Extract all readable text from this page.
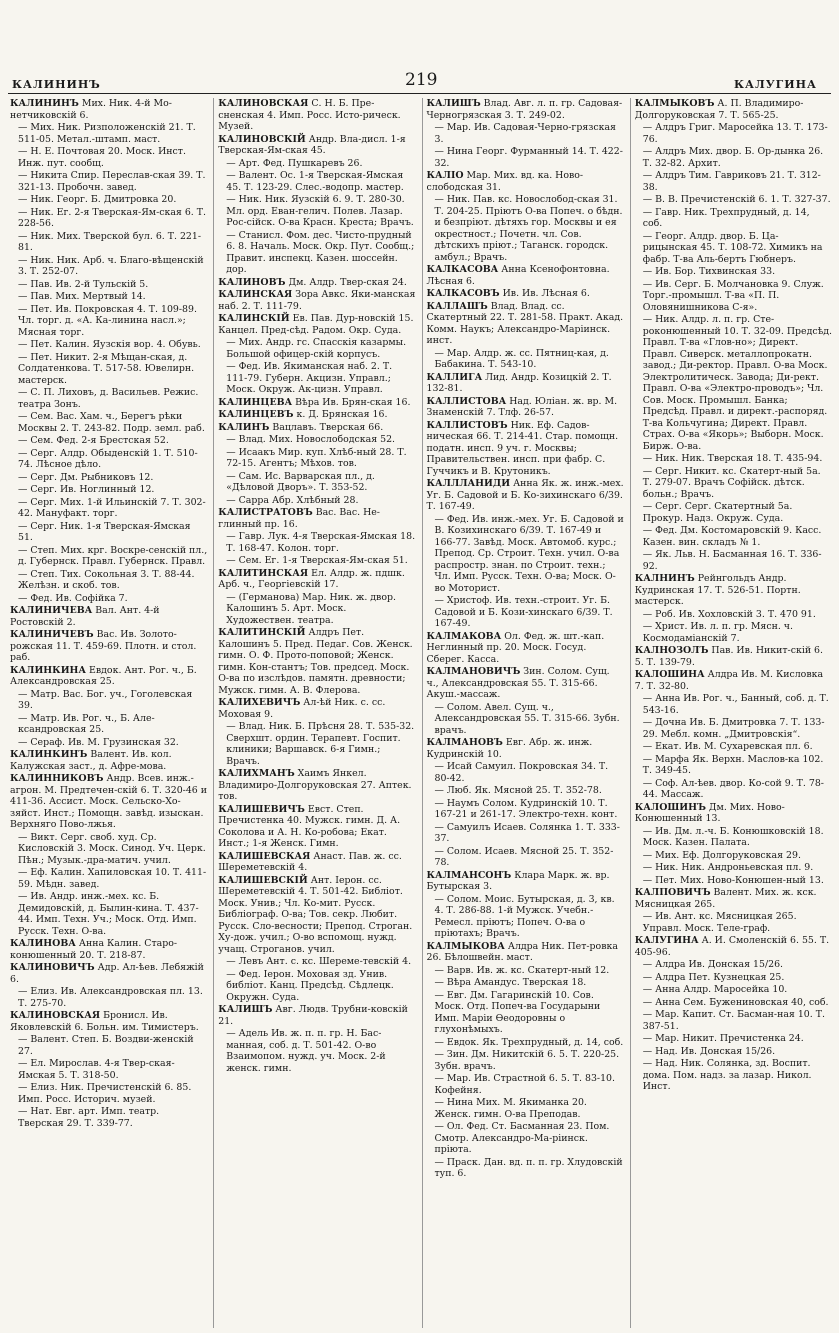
КАЛИНИНЪ	219	КАЛУГИНА
КАЛИНИНЪ Мих. Ник. 4-й Мо-нетчиковскій 6.
— Мих. Ник. Ризположенскій 21. Т. 511-05. Метал.-штамп. маст.
— Н. Е. Почтовая 20. Моск. Инст. Инж. пут. сообщ.
— Никита Спир. Переслав-ская 39. Т. 321-13. Пробочн. завед.
— Ник. Георг. Б. Дмитровка 20.
— Ник. Ег. 2-я Тверская-Ям-ская 6. Т. 228-56.
— Ник. Мих. Тверской бул. 6. Т. 221-81.
— Ник. Ник. Арб. ч. Благо-вѣщенскій 3. Т. 252-07.
— Пав. Ив. 2-й Тульскій 5.
— Пав. Мих. Мертвый 14.
— Пет. Ив. Покровская 4. Т. 109-89. Чл. торг. д. «А. Ка-линина насл.»; Мясная торг.
— Пет. Калин. Яузскія вор. 4. Обувь.
— Пет. Никит. 2-я Мѣщан-ская, д. Солдатенкова. Т. 517-58. Ювелирн. мастерск.
— С. П. Лиховъ, д. Васильев. Режис. театра Зонъ.
— Сем. Вас. Хам. ч., Берегъ рѣки Москвы 2. Т. 243-82. Подр. земл. раб.
— Сем. Фед. 2-я Брестская 52.
— Серг. Алдр. Обыденскій 1. Т. 510-74. Лѣсное дѣло.
— Серг. Дм. Рыбниковъ 12.
— Серг. Ив. Ноглинный 12.
— Серг. Мих. 1-й Ильинскій 7. Т. 302-42. Мануфакт. торг.
— Серг. Ник. 1-я Тверская-Ямская 51.
— Степ. Мих. крг. Воскре-сенскій пл., д. Губернск. Правл. Губернск. Правл.
— Степ. Тих. Сокольная 3. Т. 88-44. Желѣзн. и скоб. тов.
— Фед. Ив. Софійка 7.
КАЛИНИЧЕВА Вал. Ант. 4-й Ростовскій 2.
КАЛИНИЧЕВЪ Вас. Ив. Золото-рожская 11. Т. 459-69. Плотн. и стол. раб.
КАЛИНКИНА Евдок. Ант. Рог. ч., Б. Александровская 25.
— Матр. Вас. Бог. уч., Гоголевская 39.
— Матр. Ив. Рог. ч., Б. Але-ксандровская 25.
— Сераф. Ив. М. Грузинская 32.
КАЛИНКИНЪ Валент. Ив. кол. Калужская заст., д. Афре-мова.
КАЛИННИКОВЪ Андр. Всев. инж.-агрон. М. Предтечен-скій 6. Т. 320-46 и 411-36. Ассист. Моск. Сельско-Хо-зяйст. Инст.; Помощн. завѣд. изыскан. Верхняго Пово-лжья.
— Викт. Серг. своб. худ. Ср. Кисловскій 3. Моск. Синод. Уч. Церк. Пѣн.; Музык.-дра-матич. учил.
— Еф. Калин. Хапиловская 10. Т. 411-59. Мѣдн. завед.
— Ив. Андр. инж.-мех. кс. Б. Демидовскій, д. Былин-кина. Т. 437-44. Имп. Техн. Уч.; Моск. Отд. Имп. Русск. Техн. О-ва.
КАЛИНОВА Анна Калин. Старо-конюшенный 20. Т. 218-87.
КАЛИНОВИЧЪ Адр. Ал-ѣев. Лебяжій 6.
— Елиз. Ив. Александровская пл. 13. Т. 275-70.
КАЛИНОВСКАЯ Бронисл. Ив. Яковлевскій 6. Больн. им. Тимистеръ.
— Валент. Степ. Б. Воздви-женскій 27.
— Ел. Мирослав. 4-я Твер-ская-Ямская 5. Т. 318-50.
— Елиз. Ник. Пречистенскій 6. 85. Имп. Росс. Историч. музей.
— Нат. Евг. арт. Имп. театр. Тверская 29. Т. 339-77.
КАЛИНОВСКАЯ С. Н. Б. Пре-сненская 4. Имп. Росс. Исто-рическ. Музей.
КАЛИНОВСКІЙ Андр. Вла-дисл. 1-я Тверская-Ям-ская 45.
— Арт. Фед. Пушкаревъ 26.
— Валент. Ос. 1-я Тверская-Ямская 45. Т. 123-29. Слес.-водопр. мастер.
— Ник. Ник. Яузскій 6. 9. Т. 280-30. Мл. орд. Еван-гелич. Полев. Лазар. Рос-сійск. О-ва Красн. Креста; Врачъ.
— Станисл. Фом. дес. Чисто-прудный 6. 8. Началь. Моск. Окр. Пут. Сообщ.; Правит. инспекц. Казен. шоссейн. дор.
КАЛИНОВЪ Дм. Алдр. Твер-ская 24.
КАЛИНСКАЯ Зора Авкс. Яки-манская наб. 2. Т. 111-79.
КАЛИНСКІЙ Ев. Пав. Дур-новскій 15. Канцел. Пред-сѣд. Радом. Окр. Суда.
— Мих. Андр. гс. Спасскія казармы. Большой офицер-скій корпусъ.
— Фед. Ив. Якиманская наб. 2. Т. 111-79. Губерн. Акцизн. Управл.; Моск. Окруж. Ак-цизн. Управл.
КАЛИНЦЕВА Вѣра Ив. Брян-ская 16.
КАЛИНЦЕВЪ к. Д. Брянская 16.
КАЛИНЪ Вацлавъ. Тверская 66.
— Влад. Мих. Новослободская 52.
— Исаакъ Мир. куп. Хлѣб-ный 28. Т. 72-15. Агентъ; Мѣхов. тов.
— Сам. Ис. Варварская пл., д. «Дѣловой Дворъ». Т. 353-52.
— Сарра Абр. Хлѣбный 28.
КАЛИСТРАТОВЪ Вас. Вас. Не-глинный пр. 16.
— Гавр. Лук. 4-я Тверская-Ямская 18. Т. 168-47. Колон. торг.
— Сем. Ег. 1-я Тверская-Ям-ская 51.
КАЛИТИНСКАЯ Ел. Алдр. ж. пдшк. Арб. ч., Георгіевскій 17.
— (Германова) Мар. Ник. ж. двор. Калошинъ 5. Арт. Моск. Художествен. театра.
КАЛИТИНСКІЙ Алдръ Пет. Калошинъ 5. Пред. Педаг. Сов. Женск. гимн. О. Ф. Прото-поповой; Женск. гимн. Кон-стантъ; Тов. председ. Моск. О-ва по изслѣдов. памятн. древности; Мужск. гимн. А. В. Флерова.
КАЛИХЕВИЧЪ Ал-ѣй Ник. с. сс. Моховая 9.
— Влад. Ник. Б. Прѣсня 28. Т. 535-32. Сверхшт. ордин. Терапевт. Госпит. клиники; Варшавск. 6-я Гимн.; Врачъ.
КАЛИХМАНЪ Хаимъ Янкел. Владимиро-Долгоруковская 27. Аптек. тов.
КАЛИШЕВИЧЪ Евст. Степ. Пречистенка 40. Мужск. гимн. Д. А. Соколова и А. Н. Ко-робова; Екат. Инст.; 1-я Женск. Гимн.
КАЛИШЕВСКАЯ Анаст. Пав. ж. сс. Шереметевскій 4.
КАЛИШЕВСКІЙ Ант. Іерон. сс. Шереметевскій 4. Т. 501-42. Библіот. Моск. Унив.; Чл. Ко-мит. Русск. Библіограф. О-ва; Тов. секр. Любит. Русск. Сло-весности; Препод. Строган. Ху-дож. учил.; О-во вспомощ. нужд. учащ. Строганов. учил.
— Левъ Ант. с. кс. Шереме-тевскій 4.
— Фед. Іерон. Моховая зд. Унив. библіот. Канц. Предсѣд. Сѣдлецк. Окружн. Суда.
КАЛИШЪ Авг. Людв. Трубни-ковскій 21.
— Адель Ив. ж. п. п. гр. Н. Бас-манная, соб. д. Т. 501-42. О-во Взаимопом. нужд. уч. Моск. 2-й женск. гимн.
КАЛИШЪ Влад. Авг. л. п. гр. Садовая-Черногрязская 3. Т. 249-02.
— Мар. Ив. Садовая-Черно-грязская 3.
— Нина Георг. Фурманный 14. Т. 422-32.
КАЛІО Мар. Мих. вд. ка. Ново-слободская 31.
— Ник. Пав. кс. Новослобод-ская 31. Т. 204-25. Пріютъ О-ва Попеч. о бѣдн. и безпріют. дѣтяхъ гор. Москвы и ея окрестност.; Почетн. чл. Сов. дѣтскихъ пріют.; Таганск. городск. амбул.; Врачъ.
КАЛКАСОВА Анна Ксенофонтовна. Лѣсная 6.
КАЛКАСОВЪ Ив. Ив. Лѣсная 6.
КАЛЛАШЪ Влад. Влад. сс. Скатертный 22. Т. 281-58. Практ. Акад. Комм. Наукъ; Александро-Маріинск. инст.
— Мар. Алдр. ж. сс. Пятниц-кая, д. Бабакина. Т. 543-10.
КАЛЛИГА Лид. Андр. Козицкій 2. Т. 132-81.
КАЛЛИСТОВА Над. Юліан. ж. вр. М. Знаменскій 7. Тлф. 26-57.
КАЛЛИСТОВЪ Ник. Еф. Садов-ническая 66. Т. 214-41. Стар. помощн. податн. инсп. 9 уч. г. Москвы; Правительствен. инсп. при фабр. С. Гуччикъ и В. Крутоникъ.
КАЛЛЛАНИДИ Анна Як. ж. инж.-мех. Уг. Б. Садовой и Б. Ко-зихинскаго 6/39. Т. 167-49.
— Фед. Ив. инж.-мех. Уг. Б. Садовой и В. Козихинскаго 6/39. Т. 167-49 и 166-77. Завѣд. Моск. Автомоб. курс.; Препод. Ср. Строит. Техн. учил. О-ва распростр. знан. по Строит. техн.; Чл. Имп. Русск. Техн. О-ва; Моск. О-во Моторист.
— Христоф. Ив. техн.-строит. Уг. Б. Садовой и Б. Кози-хинскаго 6/39. Т. 167-49.
КАЛМАКОВА Ол. Фед. ж. шт.-кап. Неглинный пр. 20. Моск. Госуд. Сберег. Касса.
КАЛМАНОВИЧЪ Зин. Солом. Сущ. ч., Александровская 55. Т. 315-66. Акуш.-массаж.
— Солом. Авел. Сущ. ч., Александровская 55. Т. 315-66. Зубн. врачъ.
КАЛМАНОВЪ Евг. Абр. ж. инж. Кудринскій 10.
— Исай Самуил. Покровская 34. Т. 80-42.
— Люб. Як. Мясной 25. Т. 352-78.
— Наумъ Солом. Кудринскій 10. Т. 167-21 и 261-17. Электро-техн. конт.
— Самуилъ Исаев. Солянка 1. Т. 333-37.
— Солом. Исаев. Мясной 25. Т. 352-78.
КАЛМАНСОНЪ Клара Марк. ж. вр. Бутырская 3.
— Солом. Моис. Бутырская, д. 3, кв. 4. Т. 286-88. 1-й Мужск. Учебн.-Ремесл. пріютъ; Попеч. О-ва о пріютахъ; Врачъ.
КАЛМЫКОВА Алдра Ник. Пет-ровка 26. Бѣлошвейн. маст.
— Варв. Ив. ж. кс. Скатерт-ный 12.
— Вѣра Амандус. Тверская 18.
— Евг. Дм. Гагаринскій 10. Сов. Моск. Отд. Попеч-ва Государыни Имп. Маріи Ѳеодоровны о глухонѣмыхъ.
— Евдок. Як. Трехпрудный, д. 14, соб.
— Зин. Дм. Никитскій 6. 5. Т. 220-25. Зубн. врачъ.
— Мар. Ив. Страстной 6. 5. Т. 83-10. Кофейня.
— Нина Мих. М. Якиманка 20. Женск. гимн. О-ва Преподав.
— Ол. Фед. Ст. Басманная 23. Пом. Смотр. Александро-Ма-ріинск. пріюта.
— Праск. Дан. вд. п. п. гр. Хлудовскій туп. 6.
КАЛМЫКОВЪ А. П. Владимиро-Долгоруковская 7. Т. 565-25.
— Алдръ Григ. Маросейка 13. Т. 173-76.
— Алдръ Мих. двор. Б. Ор-дынка 26. Т. 32-82. Архит.
— Алдръ Тим. Гавриковъ 21. Т. 312-38.
— В. В. Пречистенскій 6. 1. Т. 327-37.
— Гавр. Ник. Трехпрудный, д. 14, соб.
— Георг. Алдр. двор. Б. Ца-рицынская 45. Т. 108-72. Химикъ на фабр. Т-ва Аль-бертъ Гюбнеръ.
— Ив. Бор. Тихвинская 33.
— Ив. Серг. Б. Молчановка 9. Служ. Торг.-промышл. Т-ва «П. П. Оловянишникова С-я».
— Ник. Алдр. л. п. гр. Сте-роконюшенный 10. Т. 32-09. Предсѣд. Правл. Т-ва «Глов-но»; Директ. Правл. Сиверск. металлопрокатн. завод.; Ди-ректор. Правл. О-ва Моск. Электролитическ. Завода; Ди-рект. Правл. О-ва «Электро-проводъ»; Чл. Сов. Моск. Промышл. Банка; Предсѣд. Правл. и директ.-распоряд. Т-ва Кольчугина; Директ. Правл. Страх. О-ва «Якорь»; Выборн. Моск. Бирж. О-ва.
— Ник. Ник. Тверская 18. Т. 435-94.
— Серг. Никит. кс. Скатерт-ный 5а. Т. 279-07. Врачъ Софійск. дѣтск. больн.; Врачъ.
— Серг. Серг. Скатертный 5а. Прокур. Надз. Окруж. Суда.
— Фед. Дм. Костомаровскій 9. Касс. Казен. вин. складъ № 1.
— Як. Льв. Н. Басманная 16. Т. 336-92.
КАЛНИНЪ Рейнгольдъ Андр. Кудринская 17. Т. 526-51. Портн. мастерск.
— Роб. Ив. Хохловскій 3. Т. 470 91.
— Христ. Ив. л. п. гр. Мясн. ч. Космодаміанскій 7.
КАЛНОЗОЛЪ Пав. Ив. Никит-скій 6. 5. Т. 139-79.
КАЛОШИНА Алдра Ив. М. Кисловка 7. Т. 32-80.
— Анна Ив. Рог. ч., Банный, соб. д. Т. 543-16.
— Дочна Ив. Б. Дмитровка 7. Т. 133-29. Мебл. комн. „Дмитровскія“.
— Екат. Ив. М. Сухаревская пл. 6.
— Марфа Як. Верхн. Маслов-ка 102. Т. 349-45.
— Соф. Ал-ѣев. двор. Ко-сой 9. Т. 78-44. Массаж.
КАЛОШИНЪ Дм. Мих. Ново-Конюшенный 13.
— Ив. Дм. л.-ч. Б. Конюшковскій 18. Моск. Казен. Палата.
— Мих. Еф. Долгоруковская 29.
— Ник. Ник. Андроньевская пл. 9.
— Пет. Мих. Ново-Конюшен-ный 13.
КАЛПОВИЧЪ Валент. Мих. ж. кск. Мясницкая 265.
— Ив. Ант. кс. Мясницкая 265. Управл. Моск. Теле-граф.
КАЛУГИНА А. И. Смоленскій 6. 55. Т. 405-96.
— Алдра Ив. Донская 15/26.
— Алдра Пет. Кузнецкая 25.
— Анна Алдр. Маросейка 10.
— Анна Сем. Бужениновская 40, соб.
— Мар. Капит. Ст. Басман-ная 10. Т. 387-51.
— Мар. Никит. Пречистенка 24.
— Над. Ив. Донская 15/26.
— Над. Ник. Солянка, зд. Воспит. дома. Пом. надз. за лазар. Никол. Инст.
